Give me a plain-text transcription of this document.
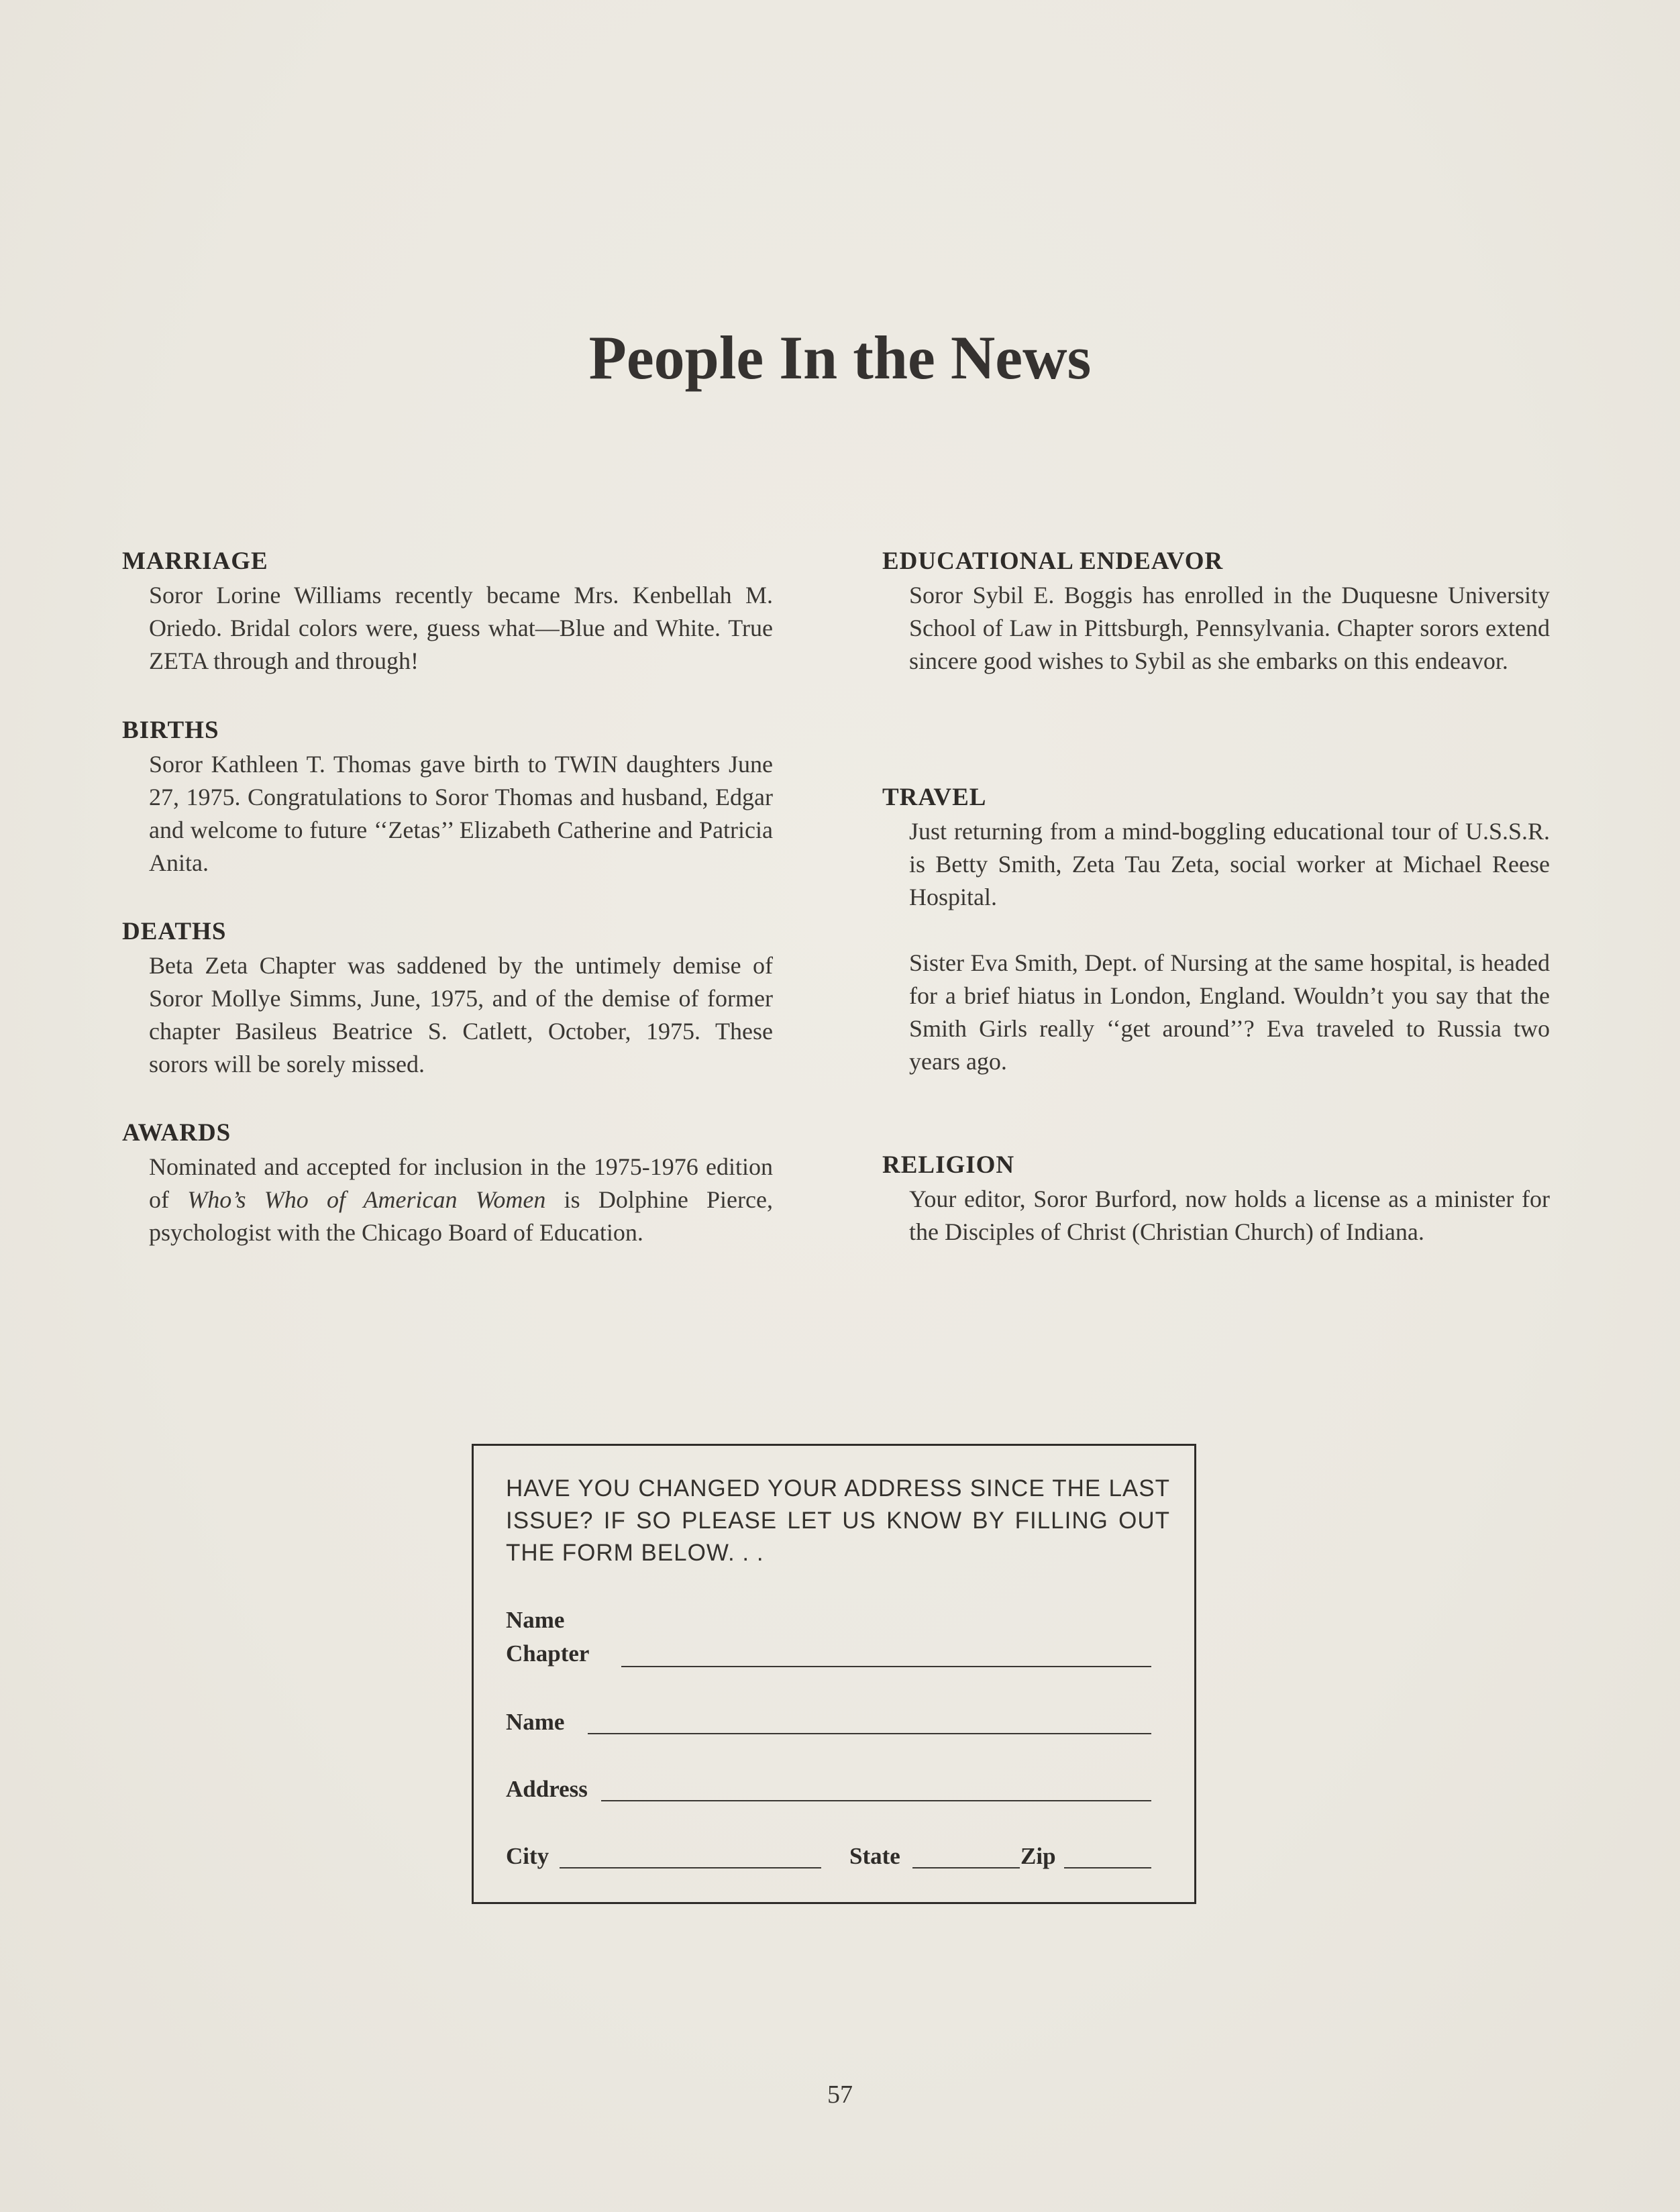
People In the News
MARRIAGE

Soror Lorine Williams recently became Mrs. Kenbellah M. Oriedo. Bridal colors were, guess what—Blue and White. True ZETA through and through!

BIRTHS

Soror Kathleen T. Thomas gave birth to TWIN daughters June 27, 1975. Congratulations to Soror Thomas and husband, Edgar and welcome to future ‘‘Zetas’’ Elizabeth Catherine and Patricia Anita.

DEATHS

Beta Zeta Chapter was saddened by the untimely demise of Soror Mollye Simms, June, 1975, and of the demise of former chapter Basileus Beatrice S. Catlett, October, 1975. These sorors will be sorely missed.

AWARDS

Nominated and accepted for inclusion in the 1975-1976 edition of Who’s Who of American Women is Dolphine Pierce, psychologist with the Chicago Board of Education.

EDUCATIONAL ENDEAVOR

Soror Sybil E. Boggis has enrolled in the Duquesne University School of Law in Pittsburgh, Pennsylvania. Chapter sorors extend sincere good wishes to Sybil as she embarks on this endeavor.

TRAVEL

Just returning from a mind-boggling educational tour of U.S.S.R. is Betty Smith, Zeta Tau Zeta, social worker at Michael Reese Hospital.

Sister Eva Smith, Dept. of Nursing at the same hospital, is headed for a brief hiatus in London, England. Wouldn’t you say that the Smith Girls really ‘‘get around’’? Eva traveled to Russia two years ago.

RELIGION

Your editor, Soror Burford, now holds a license as a minister for the Disciples of Christ (Christian Church) of Indiana.

HAVE YOU CHANGED YOUR ADDRESS SINCE THE LAST ISSUE? IF SO PLEASE LET US KNOW BY FILLING OUT THE FORM BELOW. . .
Name
Chapter
Name
Address
City	State	Zip
57
